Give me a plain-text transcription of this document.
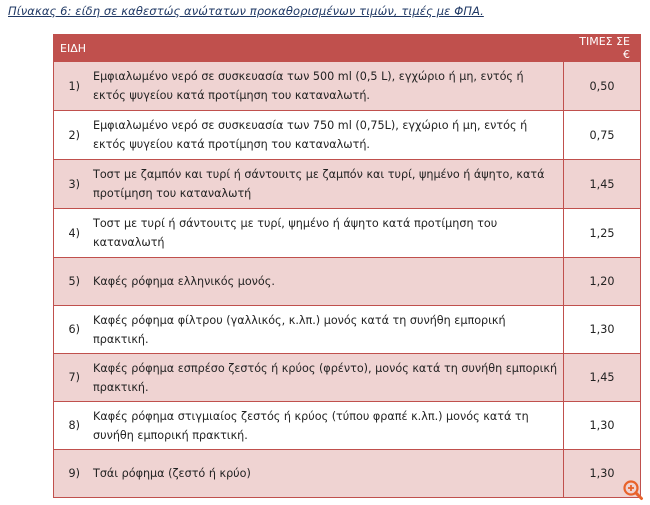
Πίνακας 6: είδη σε καθεστώς ανώτατων προκαθορισμένων τιμών, τιμές με ΦΠΑ.
ΕΙΔΗ		ΤΙΜΕΣ ΣΕ €
1)	Εμφιαλωμένο νερό σε συσκευασία των 500 ml (0,5 L), εγχώριο ή μη, εντός ή εκτός ψυγείου κατά προτίμηση του καταναλωτή.	0,50
2)	Εμφιαλωμένο νερό σε συσκευασία των 750 ml (0,75L), εγχώριο ή μη, εντός ή εκτός ψυγείου κατά προτίμηση του καταναλωτή.	0,75
3)	Τοστ με ζαμπόν και τυρί ή σάντουιτς με ζαμπόν και τυρί, ψημένο ή άψητο, κατά προτίμηση του καταναλωτή	1,45
4)	Τοστ με τυρί ή σάντουιτς με τυρί, ψημένο ή άψητο κατά προτίμηση του καταναλωτή	1,25
5)	Καφές ρόφημα ελληνικός μονός.	1,20
6)	Καφές ρόφημα φίλτρου (γαλλικός, κ.λπ.) μονός κατά τη συνήθη εμπορική πρακτική.	1,30
7)	Καφές ρόφημα εσπρέσο ζεστός ή κρύος (φρέντο), μονός κατά τη συνήθη εμπορική πρακτική.	1,45
8)	Καφές ρόφημα στιγμιαίος ζεστός ή κρύος (τύπου φραπέ κ.λπ.) μονός κατά τη συνήθη εμπορική πρακτική.	1,30
9)	Τσάι ρόφημα (ζεστό ή κρύο)	1,30
